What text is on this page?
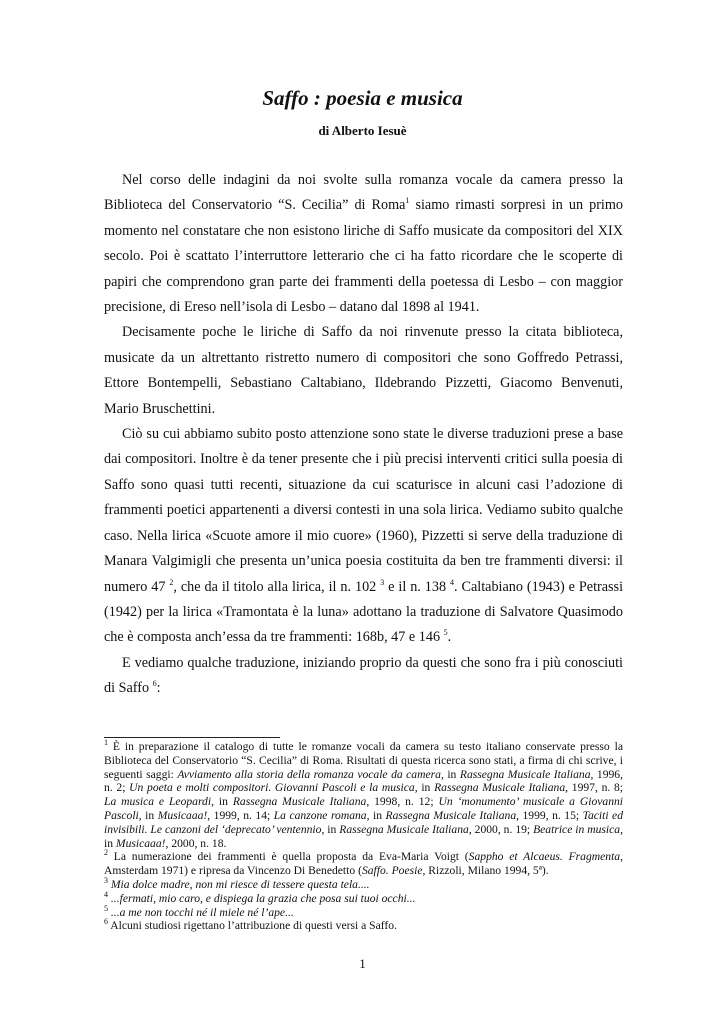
Saffo : poesia e musica
di Alberto Iesuè

Nel corso delle indagini da noi svolte sulla romanza vocale da camera presso la Biblioteca del Conservatorio “S. Cecilia” di Roma$^1$ siamo rimasti sorpresi in un primo momento nel constatare che non esistono liriche di Saffo musicate da compositori del XIX secolo. Poi è scattato l’interruttore letterario che ci ha fatto ricordare che le scoperte di papiri che comprendono gran parte dei frammenti della poetessa di Lesbo – con maggior precisione, di Ereso nell’isola di Lesbo – datano dal 1898 al 1941.

Decisamente poche le liriche di Saffo da noi rinvenute presso la citata biblioteca, musicate da un altrettanto ristretto numero di compositori che sono Goffredo Petrassi, Ettore Bontempelli, Sebastiano Caltabiano, Ildebrando Pizzetti, Giacomo Benvenuti, Mario Bruschettini.

Ciò su cui abbiamo subito posto attenzione sono state le diverse traduzioni prese a base dai compositori. Inoltre è da tener presente che i più precisi interventi critici sulla poesia di Saffo sono quasi tutti recenti, situazione da cui scaturisce in alcuni casi l’adozione di frammenti poetici appartenenti a diversi contesti in una sola lirica. Vediamo subito qualche caso. Nella lirica «Scuote amore il mio cuore» (1960), Pizzetti si serve della traduzione di Manara Valgimigli che presenta un’unica poesia costituita da ben tre frammenti diversi: il numero 47 $^2$, che da il titolo alla lirica, il n. 102 $^3$ e il n. 138 $^4$. Caltabiano (1943) e Petrassi (1942) per la lirica «Tramontata è la luna» adottano la traduzione di Salvatore Quasimodo che è composta anch’essa da tre frammenti: 168b, 47 e 146 $^5$.

E vediamo qualche traduzione, iniziando proprio da questi che sono fra i più conosciuti di Saffo $^6$:

$^1$ È in preparazione il catalogo di tutte le romanze vocali da camera su testo italiano conservate presso la Biblioteca del Conservatorio “S. Cecilia” di Roma. Risultati di questa ricerca sono stati, a firma di chi scrive, i seguenti saggi: Avviamento alla storia della romanza vocale da camera, in Rassegna Musicale Italiana, 1996, n. 2; Un poeta e molti compositori. Giovanni Pascoli e la musica, in Rassegna Musicale Italiana, 1997, n. 8; La musica e Leopardi, in Rassegna Musicale Italiana, 1998, n. 12; Un ‘monumento’ musicale a Giovanni Pascoli, in Musicaaa!, 1999, n. 14; La canzone romana, in Rassegna Musicale Italiana, 1999, n. 15; Taciti ed invisibili. Le canzoni del ‘deprecato’ ventennio, in Rassegna Musicale Italiana, 2000, n. 19; Beatrice in musica, in Musicaaa!, 2000, n. 18.

$^2$ La numerazione dei frammenti è quella proposta da Eva-Maria Voigt (Sappho et Alcaeus. Fragmenta, Amsterdam 1971) e ripresa da Vincenzo Di Benedetto (Saffo. Poesie, Rizzoli, Milano 1994, 5ª).

$^3$ Mia dolce madre, non mi riesce di tessere questa tela....

$^4$ ...fermati, mio caro, e dispiega la grazia che posa sui tuoi occhi...

$^5$ ...a me non tocchi né il miele né l’ape...

$^6$ Alcuni studiosi rigettano l’attribuzione di questi versi a Saffo.

1
